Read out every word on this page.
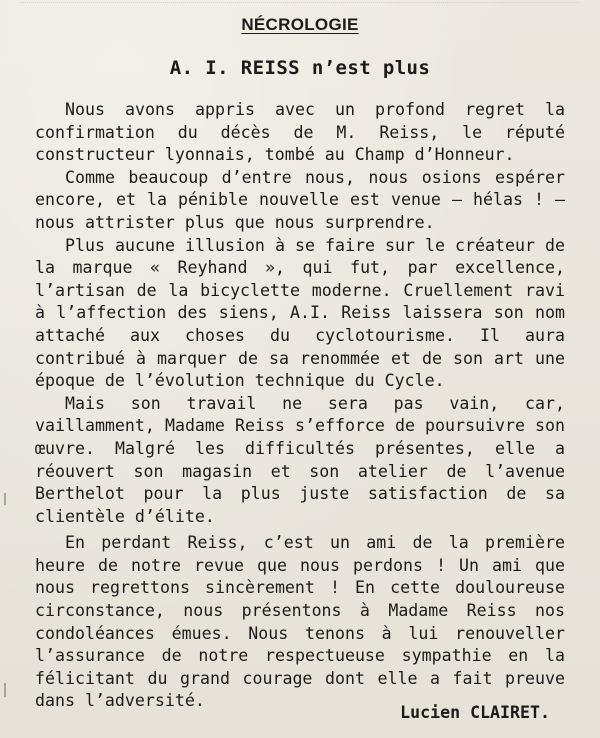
NÉCROLOGIE
A. I. REISS n’est plus

Nous avons appris avec un profond regret la confirmation du décès de M. Reiss, le réputé constructeur lyonnais, tombé au Champ d’Honneur.

Comme beaucoup d’entre nous, nous osions espérer encore, et la pénible nouvelle est venue — hélas ! — nous attrister plus que nous surprendre.

Plus aucune illusion à se faire sur le créateur de la marque « Reyhand », qui fut, par excellence, l’artisan de la bicyclette moderne. Cruellement ravi à l’affection des siens, A.I. Reiss laissera son nom attaché aux choses du cyclotourisme. Il aura contribué à marquer de sa renommée et de son art une époque de l’évolution technique du Cycle.

Mais son travail ne sera pas vain, car, vaillamment, Madame Reiss s’efforce de poursuivre son œuvre. Malgré les difficultés présentes, elle a réouvert son magasin et son atelier de l’avenue Berthelot pour la plus juste satisfaction de sa clientèle d’élite.

En perdant Reiss, c’est un ami de la première heure de notre revue que nous perdons ! Un ami que nous regrettons sincèrement ! En cette douloureuse circonstance, nous présentons à Madame Reiss nos condoléances émues. Nous tenons à lui renouveller l’assurance de notre respectueuse sympathie en la félicitant du grand courage dont elle a fait preuve dans l’adversité.

Lucien CLAIRET.
